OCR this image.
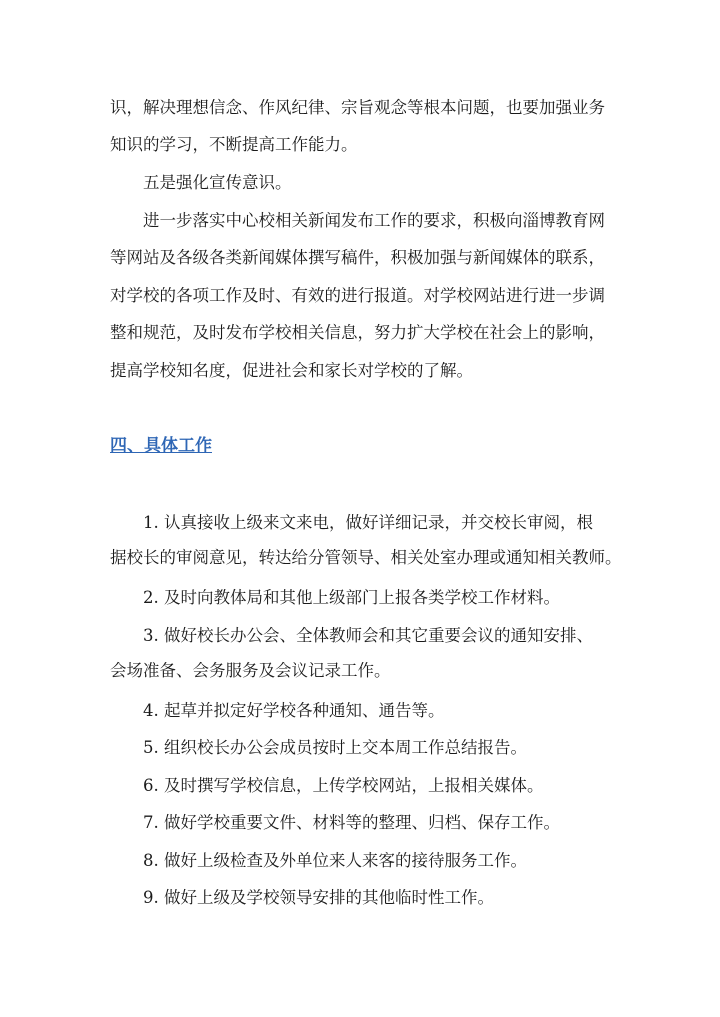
识，解决理想信念、作风纪律、宗旨观念等根本问题，也要加强业务

知识的学习，不断提高工作能力。

五是强化宣传意识。

进一步落实中心校相关新闻发布工作的要求，积极向淄博教育网

等网站及各级各类新闻媒体撰写稿件，积极加强与新闻媒体的联系，

对学校的各项工作及时、有效的进行报道。对学校网站进行进一步调

整和规范，及时发布学校相关信息，努力扩大学校在社会上的影响，

提高学校知名度，促进社会和家长对学校的了解。

四、具体工作

1. 认真接收上级来文来电，做好详细记录，并交校长审阅，根

据校长的审阅意见，转达给分管领导、相关处室办理或通知相关教师。

2. 及时向教体局和其他上级部门上报各类学校工作材料。

3. 做好校长办公会、全体教师会和其它重要会议的通知安排、

会场准备、会务服务及会议记录工作。

4. 起草并拟定好学校各种通知、通告等。

5. 组织校长办公会成员按时上交本周工作总结报告。

6. 及时撰写学校信息，上传学校网站，上报相关媒体。

7. 做好学校重要文件、材料等的整理、归档、保存工作。

8. 做好上级检查及外单位来人来客的接待服务工作。

9. 做好上级及学校领导安排的其他临时性工作。
